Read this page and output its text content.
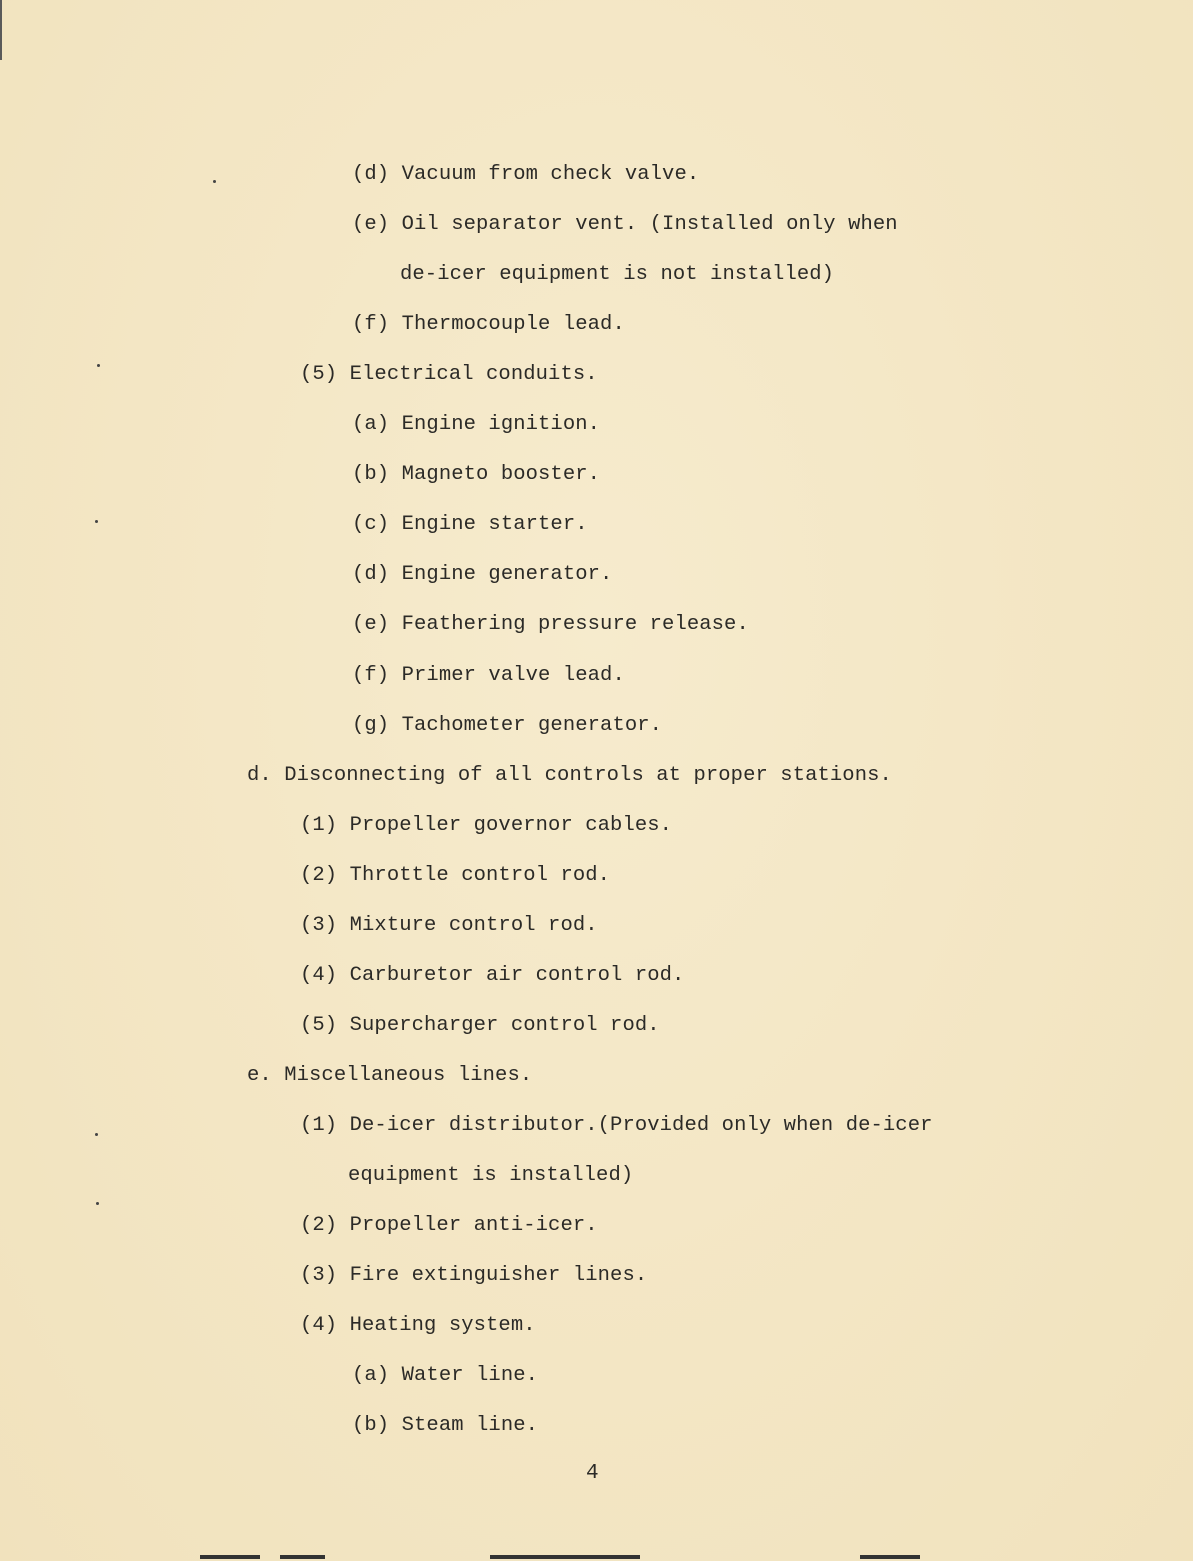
(d) Vacuum from check valve.
(e) Oil separator vent. (Installed only when
de-icer equipment is not installed)
(f) Thermocouple lead.
(5) Electrical conduits.
(a) Engine ignition.
(b) Magneto booster.
(c) Engine starter.
(d) Engine generator.
(e) Feathering pressure release.
(f) Primer valve lead.
(g) Tachometer generator.
d. Disconnecting of all controls at proper stations.
(1) Propeller governor cables.
(2) Throttle control rod.
(3) Mixture control rod.
(4) Carburetor air control rod.
(5) Supercharger control rod.
e. Miscellaneous lines.
(1) De-icer distributor.(Provided only when de-icer
equipment is installed)
(2) Propeller anti-icer.
(3) Fire extinguisher lines.
(4) Heating system.
(a) Water line.
(b) Steam line.
4
